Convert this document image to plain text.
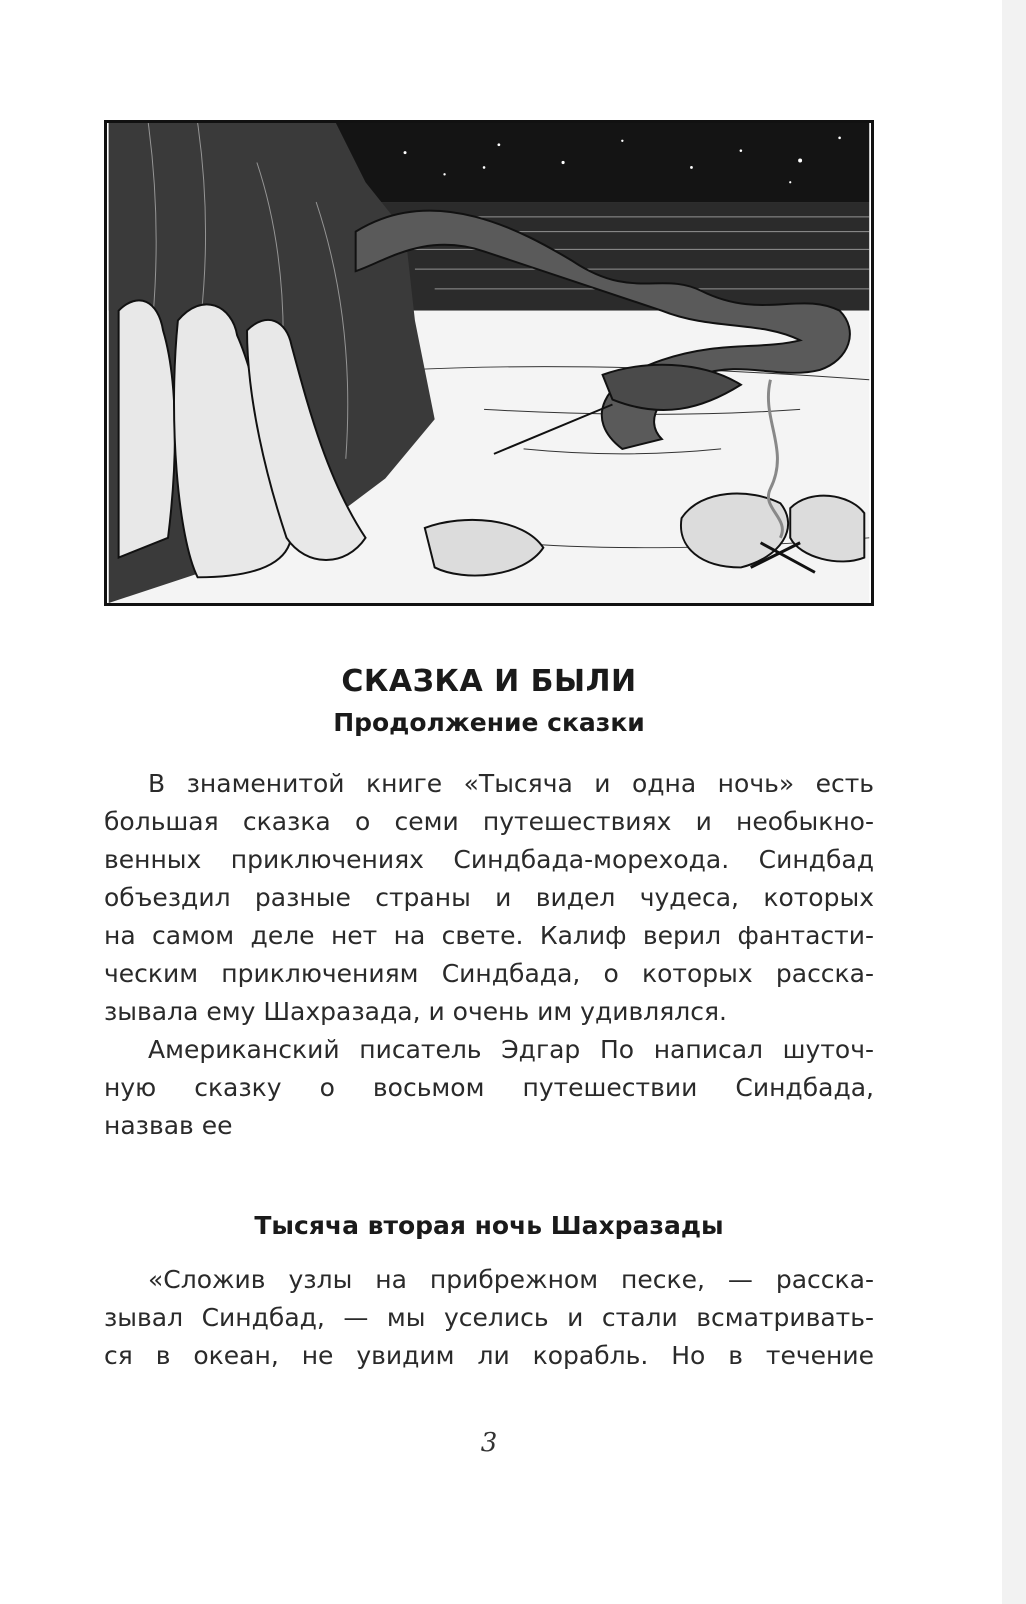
СКАЗКА И БЫЛИ
Продолжение сказки
В знаменитой книге «Тысяча и одна ночь» есть
большая сказка о семи путешествиях и необыкно-
венных приключениях Синдбада-морехода. Синдбад
объездил разные страны и видел чудеса, которых
на самом деле нет на свете. Калиф верил фантасти-
ческим приключениям Синдбада, о которых расска-
зывала ему Шахразада, и очень им удивлялся.
Американский писатель Эдгар По написал шуточ-
ную сказку о восьмом путешествии Синдбада,
назвав ее
Тысяча вторая ночь Шахразады
«Сложив узлы на прибрежном песке, — расска-
зывал Синдбад, — мы уселись и стали всматривать-
ся в океан, не увидим ли корабль. Но в течение
3
